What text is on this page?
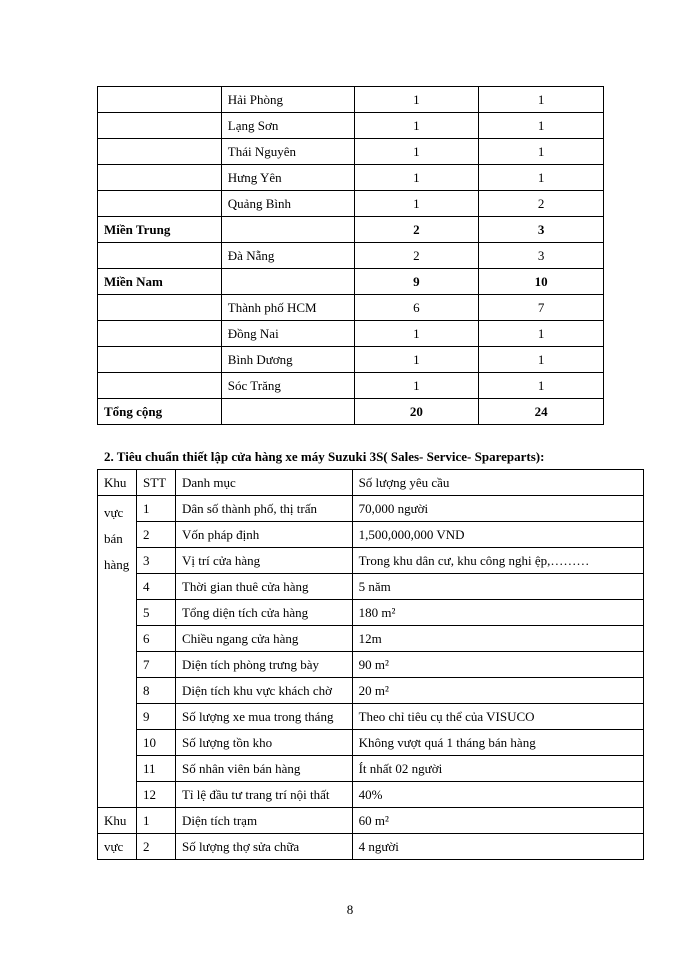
	Hải Phòng	1	1
	Lạng Sơn	1	1
	Thái Nguyên	1	1
	Hưng Yên	1	1
	Quảng Bình	1	2
Miền Trung		2	3
	Đà Nẵng	2	3
Miền Nam		9	10
	Thành phố HCM	6	7
	Đồng Nai	1	1
	Bình Dương	1	1
	Sóc Trăng	1	1
Tổng cộng		20	24
2. Tiêu chuẩn thiết lập cửa hàng xe máy Suzuki 3S( Sales- Service- Spareparts):
Khu	STT	Danh mục	Số lượng yêu cầu

vực
bán
hàng	1	Dân số thành phố, thị trấn	70,000 người
	2	Vốn pháp định	1,500,000,000 VND
	3	Vị trí cửa hàng	Trong khu dân cư, khu công nghi ệp,………
	4	Thời gian thuê cửa hàng	5 năm
	5	Tổng diện tích cửa hàng	180 m²
	6	Chiều ngang cửa hàng	12m
	7	Diện tích phòng trưng bày	90 m²
	8	Diện tích khu vực khách chờ	20 m²
	9	Số lượng xe mua trong tháng	Theo chỉ tiêu cụ thể của VISUCO
	10	Số lượng tồn kho	Không vượt quá 1 tháng bán hàng
	11	Số nhân viên bán hàng	Ít nhất 02 người
	12	Tỉ lệ đầu tư trang trí nội thất	40%
Khu	1	Diện tích trạm	60 m²
vực	2	Số lượng thợ sửa chữa	4 người
8
